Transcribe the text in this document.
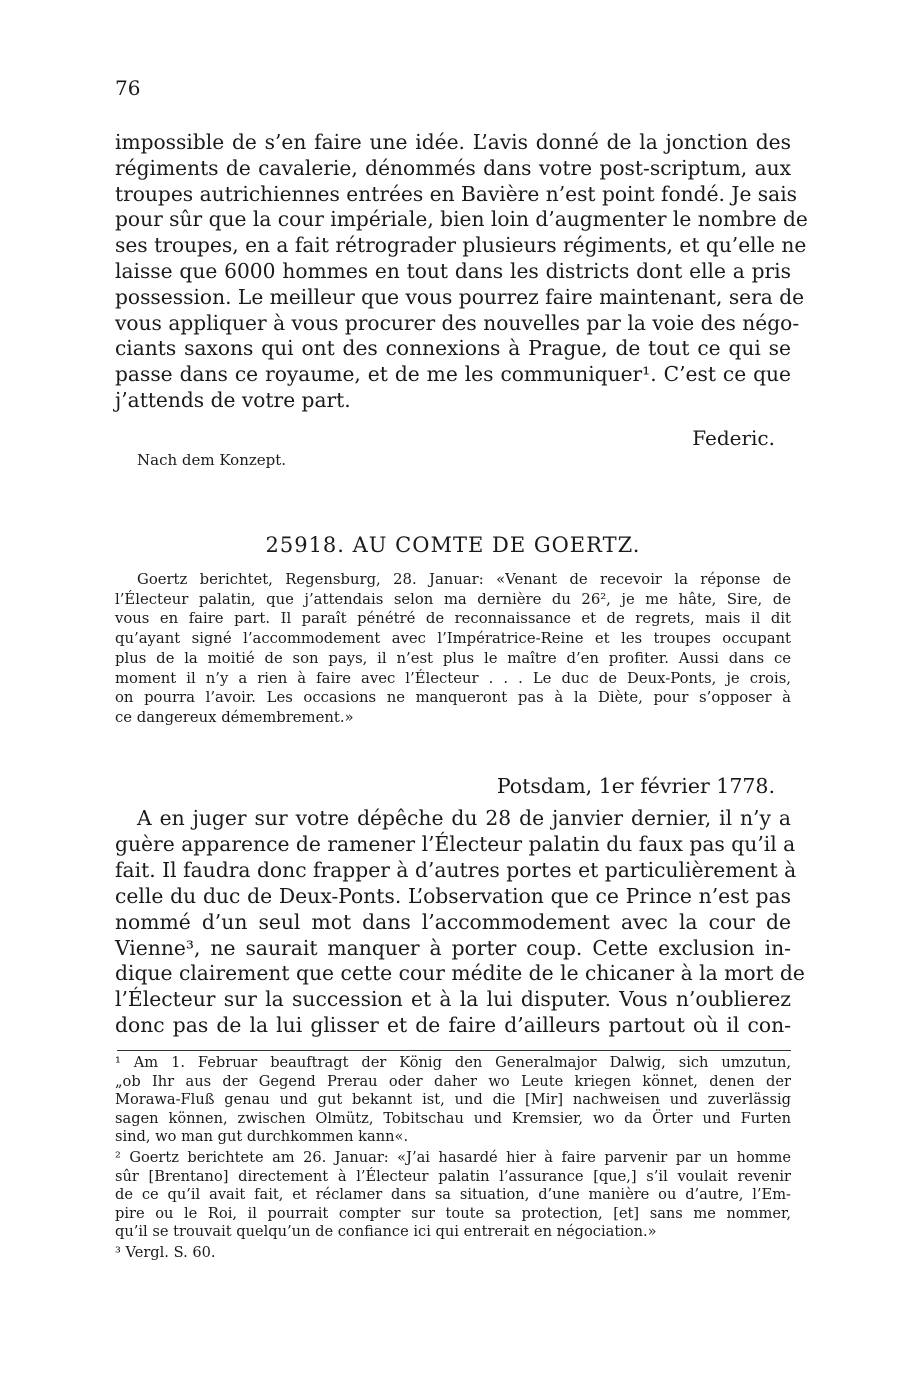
76
impossible de s’en faire une idée. L’avis donné de la jonction des
régiments de cavalerie, dénommés dans votre post-scriptum, aux
troupes autrichiennes entrées en Bavière n’est point fondé. Je sais
pour sûr que la cour impériale, bien loin d’augmenter le nombre de
ses troupes, en a fait rétrograder plusieurs régiments, et qu’elle ne
laisse que 6000 hommes en tout dans les districts dont elle a pris
possession. Le meilleur que vous pourrez faire maintenant, sera de
vous appliquer à vous procurer des nouvelles par la voie des négo-
ciants saxons qui ont des connexions à Prague, de tout ce qui se
passe dans ce royaume, et de me les communiquer¹. C’est ce que
j’attends de votre part.
Federic.
Nach dem Konzept.
25918. AU COMTE DE GOERTZ.
Goertz berichtet, Regensburg, 28. Januar: «Venant de recevoir la réponse de
l’Électeur palatin, que j’attendais selon ma dernière du 26², je me hâte, Sire, de
vous en faire part. Il paraît pénétré de reconnaissance et de regrets, mais il dit
qu’ayant signé l’accommodement avec l’Impératrice-Reine et les troupes occupant
plus de la moitié de son pays, il n’est plus le maître d’en profiter. Aussi dans ce
moment il n’y a rien à faire avec l’Électeur . . . Le duc de Deux-Ponts, je crois,
on pourra l’avoir. Les occasions ne manqueront pas à la Diète, pour s’opposer à
ce dangereux démembrement.»
Potsdam, 1er février 1778.
A en juger sur votre dépêche du 28 de janvier dernier, il n’y a
guère apparence de ramener l’Électeur palatin du faux pas qu’il a
fait. Il faudra donc frapper à d’autres portes et particulièrement à
celle du duc de Deux-Ponts. L’observation que ce Prince n’est pas
nommé d’un seul mot dans l’accommodement avec la cour de
Vienne³, ne saurait manquer à porter coup. Cette exclusion in-
dique clairement que cette cour médite de le chicaner à la mort de
l’Électeur sur la succession et à la lui disputer. Vous n’oublierez
donc pas de la lui glisser et de faire d’ailleurs partout où il con-
¹ Am 1. Februar beauftragt der König den Generalmajor Dalwig, sich umzutun,
„ob Ihr aus der Gegend Prerau oder daher wo Leute kriegen könnet, denen der
Morawa-Fluß genau und gut bekannt ist, und die [Mir] nachweisen und zuverlässig
sagen können, zwischen Olmütz, Tobitschau und Kremsier, wo da Örter und Furten
sind, wo man gut durchkommen kann«.
² Goertz berichtete am 26. Januar: «J’ai hasardé hier à faire parvenir par un homme
sûr [Brentano] directement à l’Électeur palatin l’assurance [que,] s’il voulait revenir
de ce qu’il avait fait, et réclamer dans sa situation, d’une manière ou d’autre, l’Em-
pire ou le Roi, il pourrait compter sur toute sa protection, [et] sans me nommer,
qu’il se trouvait quelqu’un de confiance ici qui entrerait en négociation.»
³ Vergl. S. 60.
